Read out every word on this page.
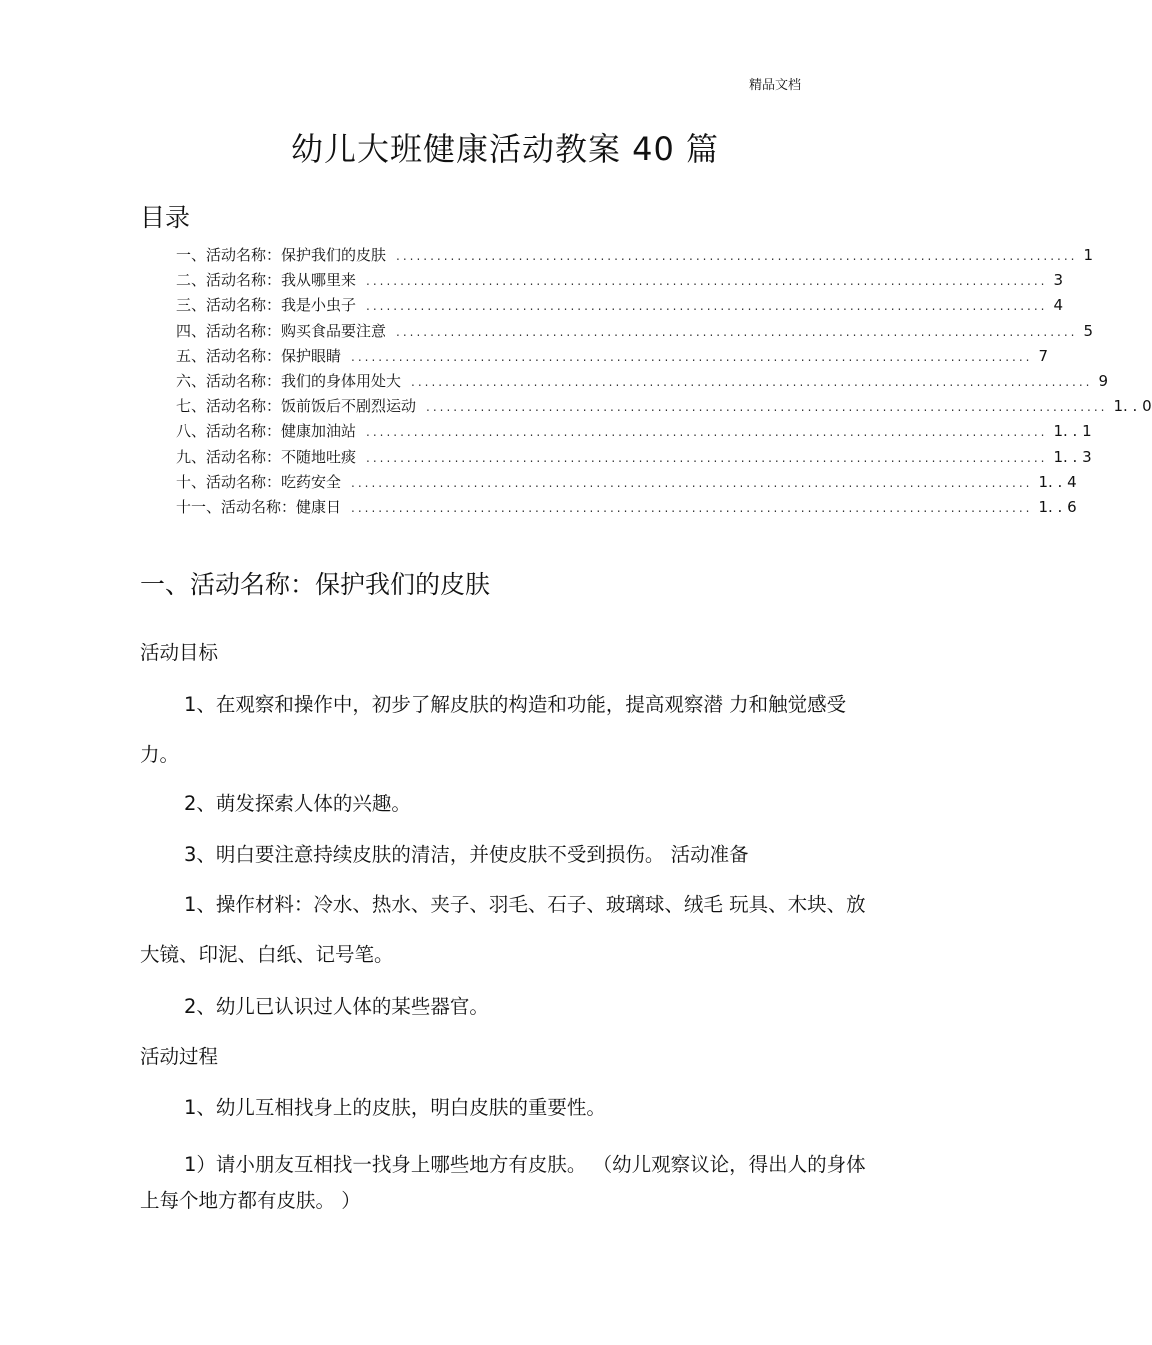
精品文档
幼儿大班健康活动教案 40 篇
目录
一、活动名称：保护我们的皮肤 .................................................................................................... 1
二、活动名称：我从哪里来 .................................................................................................... 3
三、活动名称：我是小虫子 .................................................................................................... 4
四、活动名称：购买食品要注意 .................................................................................................... 5
五、活动名称：保护眼睛 .................................................................................................... 7
六、活动名称：我们的身体用处大 .................................................................................................... 9
七、活动名称：饭前饭后不剧烈运动 .................................................................................................... 1. . 0
八、活动名称：健康加油站 .................................................................................................... 1. . 1
九、活动名称：不随地吐痰 .................................................................................................... 1. . 3
十、活动名称：吃药安全 .................................................................................................... 1. . 4
十一、活动名称：健康日 .................................................................................................... 1. . 6
一、活动名称：保护我们的皮肤
活动目标
1、在观察和操作中，初步了解皮肤的构造和功能，提高观察潜 力和触觉感受力。
2、萌发探索人体的兴趣。
3、明白要注意持续皮肤的清洁，并使皮肤不受到损伤。 活动准备
1、操作材料：冷水、热水、夹子、羽毛、石子、玻璃球、绒毛 玩具、木块、放大镜、印泥、白纸、记号笔。
2、幼儿已认识过人体的某些器官。
活动过程
1、幼儿互相找身上的皮肤，明白皮肤的重要性。
1）请小朋友互相找一找身上哪些地方有皮肤。 （幼儿观察议论，得出人的身体上每个地方都有皮肤。 ）
